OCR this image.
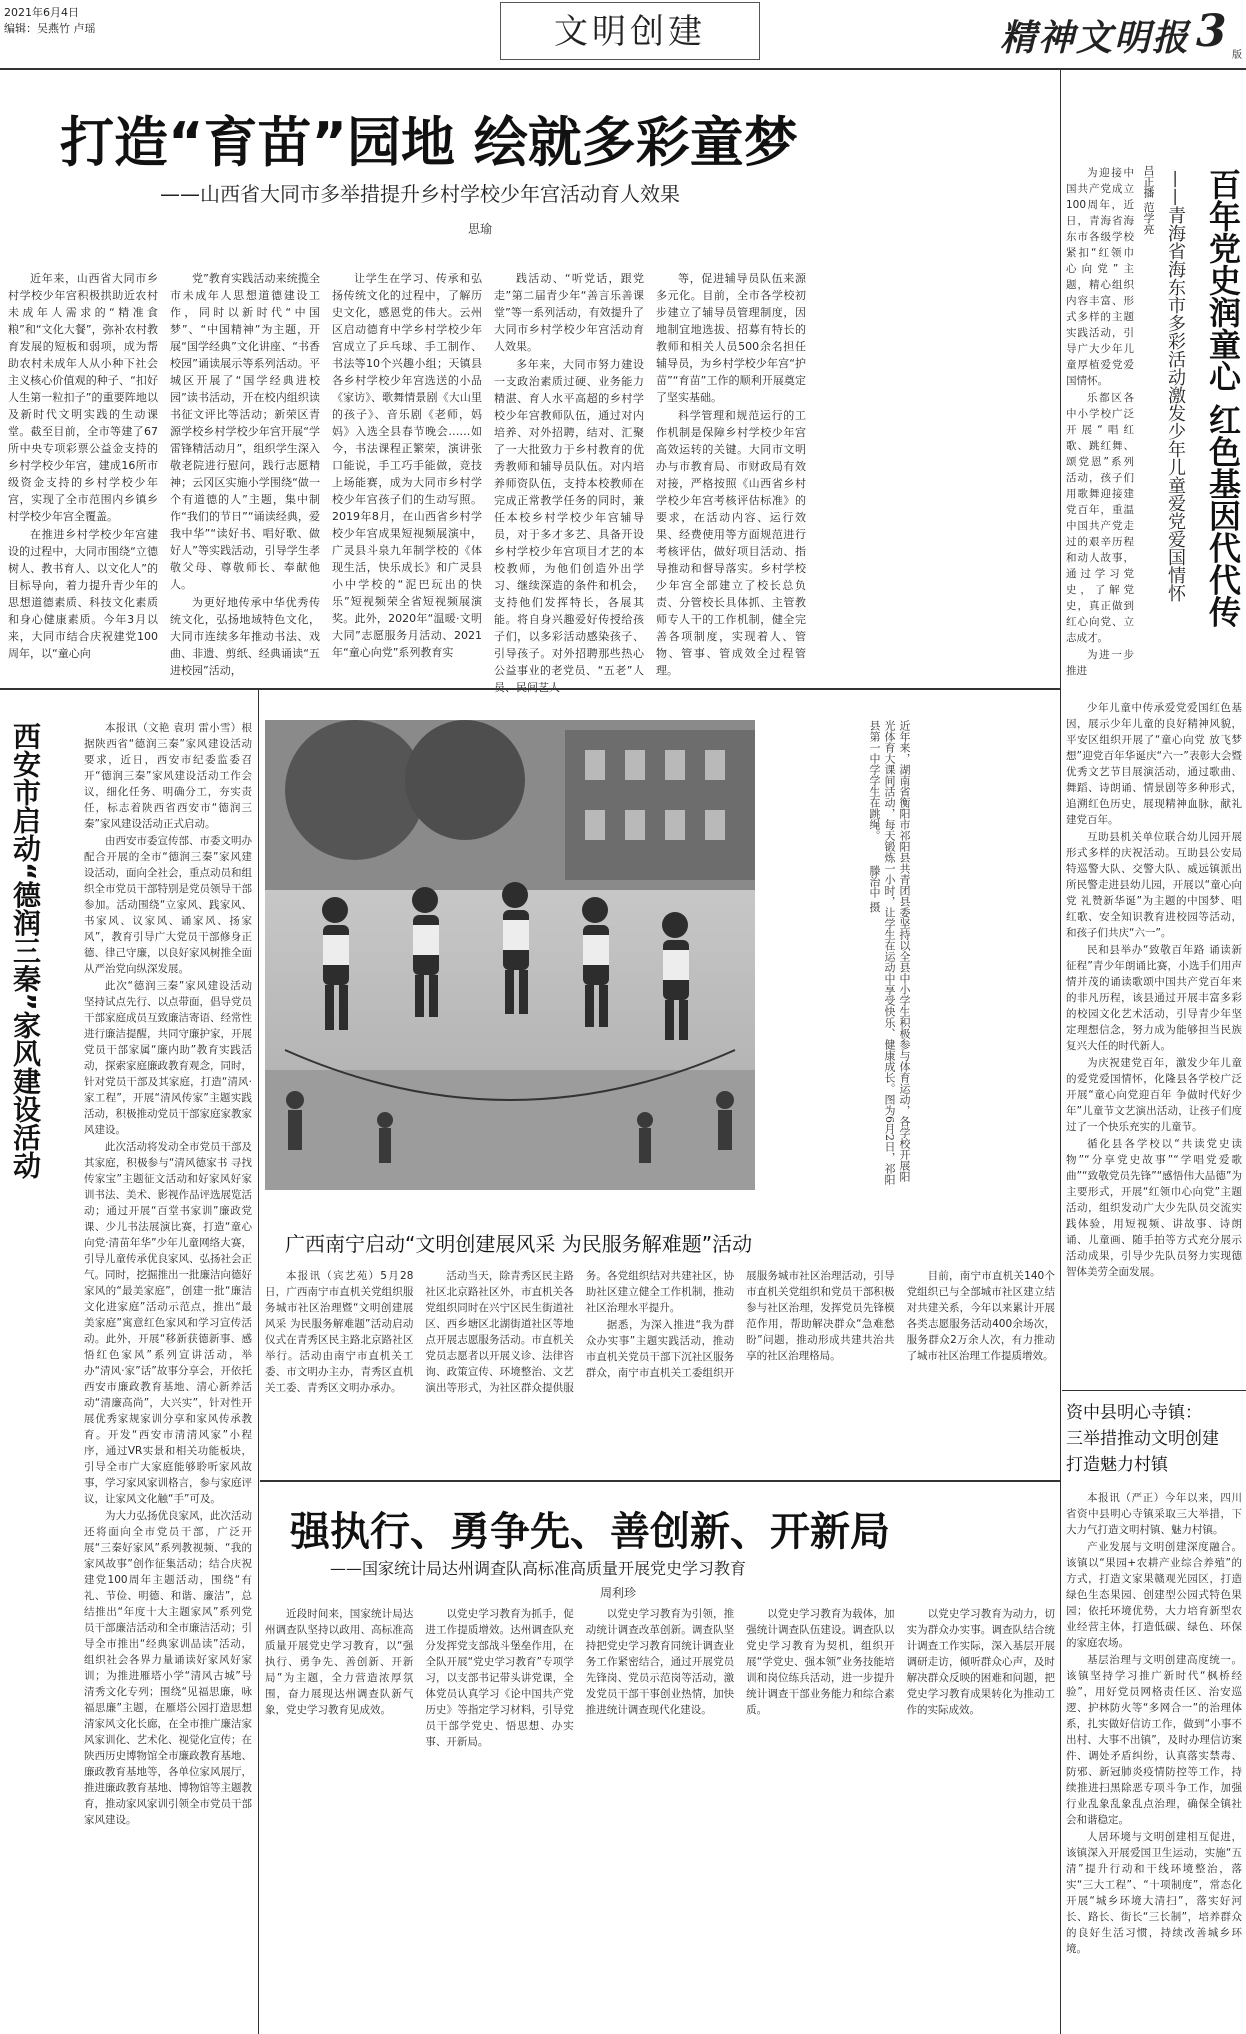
2021年6月4日
编辑：吴燕竹 卢瑶	文明创建	精神文明报 3 版
打造“育苗”园地 绘就多彩童梦
——山西省大同市多举措提升乡村学校少年宫活动育人效果
思瑜

近年来，山西省大同市乡村学校少年宫积极拱助近农村未成年人需求的“精准食粮”和“文化大餐”，弥补农村教育发展的短板和弱项，成为帮助农村未成年人从小种下社会主义核心价值观的种子、“扣好人生第一粒扣子”的重要阵地以及新时代文明实践的生动课堂。截至目前，全市等建了67所中央专项彩票公益金支持的乡村学校少年宫，建成16所市级资金支持的乡村学校少年宫，实现了全市范围内乡镇乡村学校少年宫全覆盖。

在推进乡村学校少年宫建设的过程中，大同市围绕“立德树人、教书育人、以文化人”的目标导向，着力提升青少年的思想道德素质、科技文化素质和身心健康素质。今年3月以来，大同市结合庆祝建党100周年，以“童心向

党”教育实践活动来统揽全市未成年人思想道德建设工作，同时以新时代“中国梦”、“中国精神”为主题，开展“国学经典”文化讲座、“书香校园”诵读展示等系列活动。平城区开展了“国学经典进校园”读书活动，开在校内组织读书征文评比等活动；新荣区青源学校乡村学校少年宫开展“学雷锋精活动月”，组织学生深入敬老院进行慰问，践行志愿精神；云冈区实施小学围绕“做一个有道德的人”主题，集中制作“我们的节日”“诵读经典，爱我中华”“读好书、唱好歌、做好人”等实践活动，引导学生孝敬父母、尊敬师长、奉献他人。

为更好地传承中华优秀传统文化，弘扬地域特色文化，大同市连续多年推动书法、戏曲、非遗、剪纸、经典诵读“五进校园”活动，

让学生在学习、传承和弘扬传统文化的过程中，了解历史文化，感恩党的伟大。云州区启动德育中学乡村学校少年宫成立了乒乓球、手工制作、书法等10个兴趣小组；天镇县各乡村学校少年宫选送的小品《家访》、歌舞情景剧《大山里的孩子》、音乐剧《老师，妈妈》入选全县春节晚会……如今，书法课程正繁荣，演讲张口能说，手工巧手能做，竞技上场能赛，成为大同市乡村学校少年宫孩子们的生动写照。2019年8月，在山西省乡村学校少年宫成果短视频展演中，广灵县斗泉九年制学校的《体现生活，快乐成长》和广灵县小中学校的“泥巴玩出的快乐”短视频荣全省短视频展演奖。此外，2020年“温暖·文明大同”志愿服务月活动、2021年“童心向党”系列教育实

践活动、“听党话，跟党走”第二届青少年“善言乐善课堂”等一系列活动，有效提升了大同市乡村学校少年宫活动育人效果。

多年来，大同市努力建设一支政治素质过硬、业务能力精湛、育人水平高超的乡村学校少年宫教师队伍，通过对内培养、对外招聘，结对、汇聚了一大批致力于乡村教育的优秀教师和辅导员队伍。对内培养师资队伍，支持本校教师在完成正常教学任务的同时，兼任本校乡村学校少年宫辅导员，对于多才多艺、具备开设乡村学校少年宫项目才艺的本校教师，为他们创造外出学习、继续深造的条件和机会，支持他们发挥特长，各展其能。将自身兴趣爱好传授给孩子们，以多彩活动感染孩子、引导孩子。对外招聘那些热心公益事业的老党员、“五老”人

等，促进辅导员队伍来源多元化。目前，全市各学校初步建立了辅导员管理制度，因地制宜地选拔、招募有特长的教师和相关人员500余名担任辅导员，为乡村学校少年宫“护苗”“育苗”工作的顺利开展奠定了坚实基础。

科学管理和规范运行的工作机制是保障乡村学校少年宫高效运转的关键。大同市文明办与市教育局、市财政局有效对接，严格按照《山西省乡村学校少年宫考核评估标准》的要求，在活动内容、运行效果、经费使用等方面规范进行考核评估，做好项目活动、指导推动和督导落实。乡村学校少年宫全部建立了校长总负责、分管校长具体抓、主管教师专人干的工作机制，健全完善各项制度，实现着人、管物、管事、管成效全过程管理。

百年党史润童心 红色基因代代传
——青海省海东市多彩活动激发少年儿童爱党爱国情怀
吕正播 范学亮

为迎接中国共产党成立100周年，近日，青海省海东市各级学校紧扣“红领巾心向党”主题，精心组织内容丰富、形式多样的主题实践活动，引导广大少年儿童厚植爱党爱国情怀。

乐都区各中小学校广泛开展“唱红歌、跳红舞、颂党恩”系列活动，孩子们用歌舞迎接建党百年，重温中国共产党走过的艰辛历程和动人故事，通过学习党史，了解党史，真正做到红心向党、立志成才。

为进一步推进

少年儿童中传承爱党爱国红色基因，展示少年儿童的良好精神风貌，平安区组织开展了“童心向党 放飞梦想”迎党百年华诞庆“六一”表彰大会暨优秀文艺节目展演活动，通过歌曲、舞蹈、诗朗诵、情景剧等多种形式，追溯红色历史，展现精神血脉，献礼建党百年。

互助县机关单位联合幼儿园开展形式多样的庆祝活动。互助县公安局特巡警大队、交警大队、威远镇派出所民警走进县幼儿园，开展以“童心向党 礼赞新华诞”为主题的中国梦、唱红歌、安全知识教育进校园等活动，和孩子们共庆“六一”。

民和县举办“致敬百年路 诵读新征程”青少年朗诵比赛，小选手们用声情并茂的诵读歌颂中国共产党百年来的非凡历程，该县通过开展丰富多彩的校园文化艺术活动，引导青少年坚定理想信念，努力成为能够担当民族复兴大任的时代新人。

为庆祝建党百年，激发少年儿童的爱党爱国情怀，化隆县各学校广泛开展“童心向党迎百年 争做时代好少年”儿童节文艺演出活动，让孩子们度过了一个快乐充实的儿童节。

循化县各学校以“共读党史读物”“分享党史故事”“学唱党爱歌曲”“致敬党员先锋”“感悟伟大品德”为主要形式，开展“红领巾心向党”主题活动，组织发动广大少先队员交流实践体验，用短视频、讲故事、诗朗诵、儿童画、随手拍等方式充分展示活动成果，引导少先队员努力实现德智体美劳全面发展。

资中县明心寺镇：
三举措推动文明创建
打造魅力村镇

本报讯（严正）今年以来，四川省资中县明心寺镇采取三大举措，下大力气打造文明村镇、魅力村镇。

产业发展与文明创建深度融合。该镇以“果园+农耕产业综合养殖”的方式，打造文家果赣观光园区，打造绿色生态果园、创建型公园式特色果园；依托环境优势，大力培育新型农业经营主体，打造低碳、绿色、环保的家庭农场。

基层治理与文明创建高度统一。该镇坚持学习推广新时代“枫桥经验”，用好党员网格责任区、治安巡逻、护林防火等“多网合一”的治理体系，扎实做好信访工作，做到“小事不出村、大事不出镇”，及时办理信访案件、调处矛盾纠纷，认真落实禁毒、防邪、新冠肺炎疫情防控等工作，持续推进扫黑除恶专项斗争工作，加强行业乱象乱象乱点治理，确保全镇社会和谐稳定。

人居环境与文明创建相互促进，该镇深入开展爱国卫生运动，实施“五清”提升行动和干线环境整治，落实“三大工程”、“十项制度”，常态化开展“城乡环境大清扫”，落实好河长、路长、街长“三长制”，培养群众的良好生活习惯，持续改善城乡环境。

西安市启动“德润三秦”家风建设活动	本报讯（文艳 袁玥 雷小雪）根据陕西省“德润三秦”家风建设活动要求，近日，西安市纪委监委召开“德润三秦”家风建设活动工作会议，细化任务、明确分工，夯实责任，标志着陕西省西安市“德润三秦”家风建设活动正式启动。

由西安市委宣传部、市委文明办配合开展的全市“德润三秦”家风建设活动，面向全社会，重点动员和组织全市党员干部特别是党员领导干部参加。活动围绕“立家风、践家风、书家风、议家风、诵家风、扬家风”，教育引导广大党员干部修身正德、律己守廉，以良好家风树推全面从严治党向纵深发展。

此次“德润三秦”家风建设活动坚持试点先行、以点带面，倡导党员干部家庭成员互致廉洁寄语、经常性进行廉洁提醒，共同守廉护家，开展党员干部家属“廉内助”教育实践活动，探索家庭廉政教育观念，同时，针对党员干部及其家庭，打造“清风·家工程”，开展“清风传家”主题实践活动，积极推动党员干部家庭家教家风建设。

此次活动将发动全市党员干部及其家庭，积极参与“清风德家书 寻找传家宝”主题征文活动和好家风好家训书法、美术、影视作品评选展览活动；通过开展“百堂书家训”廉政党课、少儿书法展演比赛，打造“童心向党·清苗年华”少年儿童网络大赛，引导儿童传承优良家风、弘扬社会正气。同时，挖掘推出一批廉洁向德好家风的“最美家庭”，创建一批“廉洁文化进家庭”活动示范点，推出“最美家庭”寓意红色家风和学习宣传活动。此外，开展“移新获德新事、感悟红色家风”系列宣讲活动，举办“清风·家”话”故事分享会，开依托西安市廉政教育基地、清心新养活动“清廉高尚”，大兴实”，针对性开展优秀家规家训分享和家风传承教育。开发“西安市清清风家”小程序，通过VR实景和相关功能板块，引导全市广大家庭能够聆听家风故事，学习家风家训格言，参与家庭评议，让家风文化触“手”可及。

为大力弘扬优良家风，此次活动还将面向全市党员干部，广泛开展“三秦好家风”系列教视频、“我的家风故事”创作征集活动；结合庆祝建党100周年主题活动，围绕“有礼、节俭、明德、和谐、廉洁”，总结推出“年度十大主题家风”系列党员干部廉洁活动和全市廉洁活动；引导全市推出“经典家训品读”活动，组织社会各界力量诵读好家风好家训；为推进雁塔小学“清风古城”号清秀文化专列；围绕“见福思廉，咏福思廉”主题，在雁塔公园打造思想清家风文化长廊，在全市推广廉洁家风家训化、艺术化、视觉化宣传；在陕西历史博物馆全市廉政教育基地、廉政教育基地等，各单位家风展厅，推进廉政教育基地、博物馆等主题教育，推动家风家训引领全市党员干部家风建设。

近年来，湖南省衡阳市祁阳县共青团县委坚持以全县中小学生积极参与体育运动，各学校开展阳光体育大课间活动，每天锻炼一小时，让学生在运动中享受快乐、健康成长。图为6月2日，祁阳县第一中学学生在跳绳。 滕治中 摄
广西南宁启动“文明创建展风采 为民服务解难题”活动

本报讯（宾艺苑）5月28日，广西南宁市直机关党组织服务城市社区治理暨“文明创建展风采 为民服务解难题”活动启动仪式在青秀区民主路北京路社区举行。活动由南宁市直机关工委、市文明办主办，青秀区直机关工委、青秀区文明办承办。

活动当天，除青秀区民主路社区北京路社区外，市直机关各党组织同时在兴宁区民生街道社区、西乡塘区北湖街道社区等地点开展志愿服务活动。市直机关党员志愿者以开展义诊、法律咨询、政策宣传、环境整治、文艺演出等形式，为社区群众提供服务。各党组织结对共建社区，协助社区建立健全工作机制，推动社区治理水平提升。

据悉，为深入推进“我为群众办实事”主题实践活动，推动市直机关党员干部下沉社区服务群众，南宁市直机关工委组织开展服务城市社区治理活动，引导市直机关党组织和党员干部积极参与社区治理，发挥党员先锋模范作用，帮助解决群众“急难愁盼”问题，推动形成共建共治共享的社区治理格局。

目前，南宁市直机关140个党组织已与全部城市社区建立结对共建关系，今年以来累计开展各类志愿服务活动400余场次，服务群众2万余人次，有力推动了城市社区治理工作提质增效。

强执行、勇争先、善创新、开新局
——国家统计局达州调查队高标准高质量开展党史学习教育
周利珍

近段时间来，国家统计局达州调查队坚持以政用、高标准高质量开展党史学习教育，以“强执行、勇争先、善创新、开新局”为主题，全力营造浓厚氛围，奋力展现达州调查队新气象，党史学习教育见成效。

以党史学习教育为抓手，促进工作提质增效。达州调查队充分发挥党支部战斗堡垒作用，在全队开展“党史学习教育”专项学习，以支部书记带头讲党课，全体党员认真学习《论中国共产党历史》等指定学习材料，引导党员干部学党史、悟思想、办实事、开新局。

以党史学习教育为引领，推动统计调查改革创新。调查队坚持把党史学习教育同统计调查业务工作紧密结合，通过开展党员先锋岗、党员示范岗等活动，激发党员干部干事创业热情，加快推进统计调查现代化建设。

以党史学习教育为载体，加强统计调查队伍建设。调查队以党史学习教育为契机，组织开展“学党史、强本领”业务技能培训和岗位练兵活动，进一步提升统计调查干部业务能力和综合素质。

以党史学习教育为动力，切实为群众办实事。调查队结合统计调查工作实际，深入基层开展调研走访，倾听群众心声，及时解决群众反映的困难和问题，把党史学习教育成果转化为推动工作的实际成效。
